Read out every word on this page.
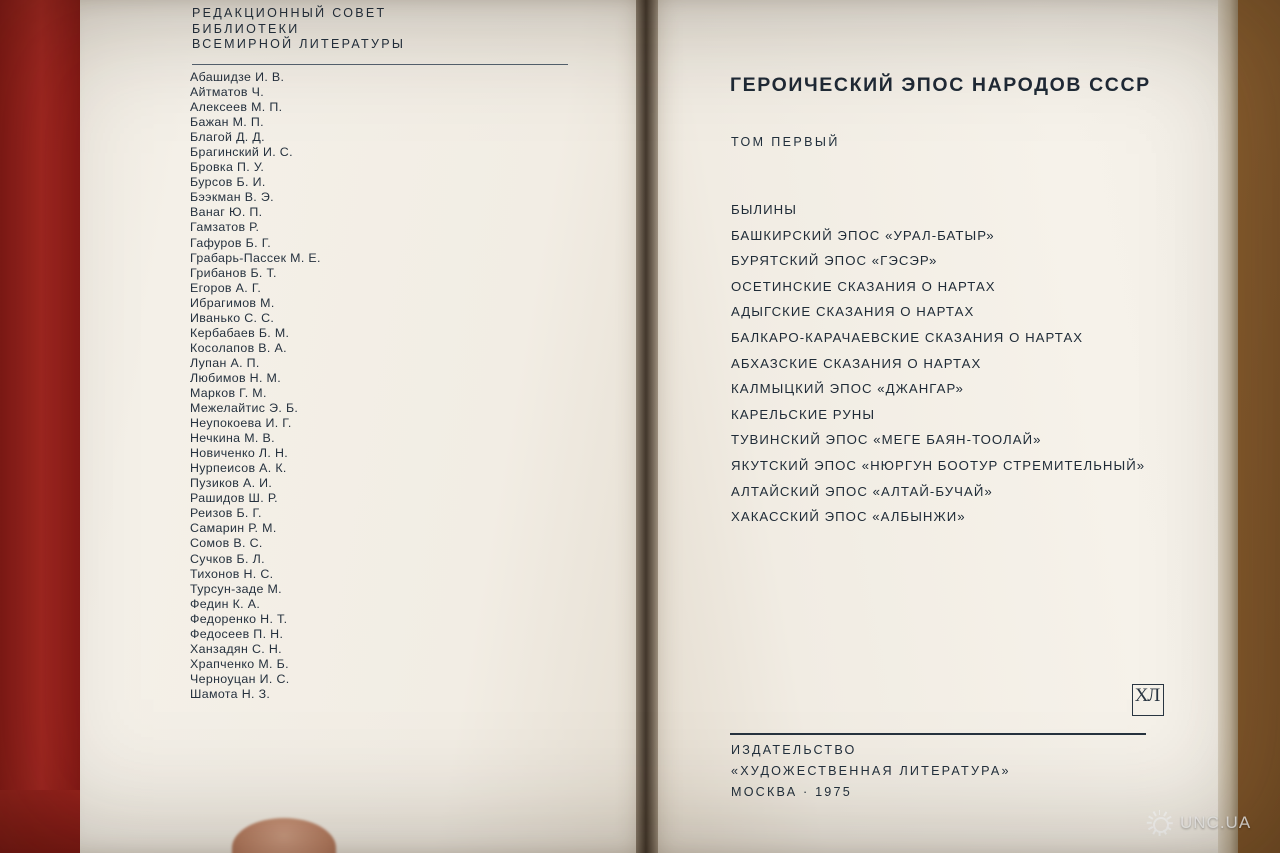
РЕДАКЦИОННЫЙ СОВЕТ
БИБЛИОТЕКИ
ВСЕМИРНОЙ ЛИТЕРАТУРЫ
Абашидзе И. В.
Айтматов Ч.
Алексеев М. П.
Бажан М. П.
Благой Д. Д.
Брагинский И. С.
Бровка П. У.
Бурсов Б. И.
Бээкман В. Э.
Ванаг Ю. П.
Гамзатов Р.
Гафуров Б. Г.
Грабарь-Пассек М. Е.
Грибанов Б. Т.
Егоров А. Г.
Ибрагимов М.
Иванько С. С.
Кербабаев Б. М.
Косолапов В. А.
Лупан А. П.
Любимов Н. М.
Марков Г. М.
Межелайтис Э. Б.
Неупокоева И. Г.
Нечкина М. В.
Новиченко Л. Н.
Нурпеисов А. К.
Пузиков А. И.
Рашидов Ш. Р.
Реизов Б. Г.
Самарин Р. М.
Сомов В. С.
Сучков Б. Л.
Тихонов Н. С.
Турсун-заде М.
Федин К. А.
Федоренко Н. Т.
Федосеев П. Н.
Ханзадян С. Н.
Храпченко М. Б.
Черноуцан И. С.
Шамота Н. З.
ГЕРОИЧЕСКИЙ ЭПОС НАРОДОВ СССР
ТОМ ПЕРВЫЙ
БЫЛИНЫ
БАШКИРСКИЙ ЭПОС «УРАЛ-БАТЫР»
БУРЯТСКИЙ ЭПОС «ГЭСЭР»
ОСЕТИНСКИЕ СКАЗАНИЯ О НАРТАХ
АДЫГСКИЕ СКАЗАНИЯ О НАРТАХ
БАЛКАРО-КАРАЧАЕВСКИЕ СКАЗАНИЯ О НАРТАХ
АБХАЗСКИЕ СКАЗАНИЯ О НАРТАХ
КАЛМЫЦКИЙ ЭПОС «ДЖАНГАР»
КАРЕЛЬСКИЕ РУНЫ
ТУВИНСКИЙ ЭПОС «МЕГЕ БАЯН-ТООЛАЙ»
ЯКУТСКИЙ ЭПОС «НЮРГУН БООТУР СТРЕМИТЕЛЬНЫЙ»
АЛТАЙСКИЙ ЭПОС «АЛТАЙ-БУЧАЙ»
ХАКАССКИЙ ЭПОС «АЛБЫНЖИ»
ХЛ
ИЗДАТЕЛЬСТВО
«ХУДОЖЕСТВЕННАЯ ЛИТЕРАТУРА»
МОСКВА · 1975
UNC.UA
